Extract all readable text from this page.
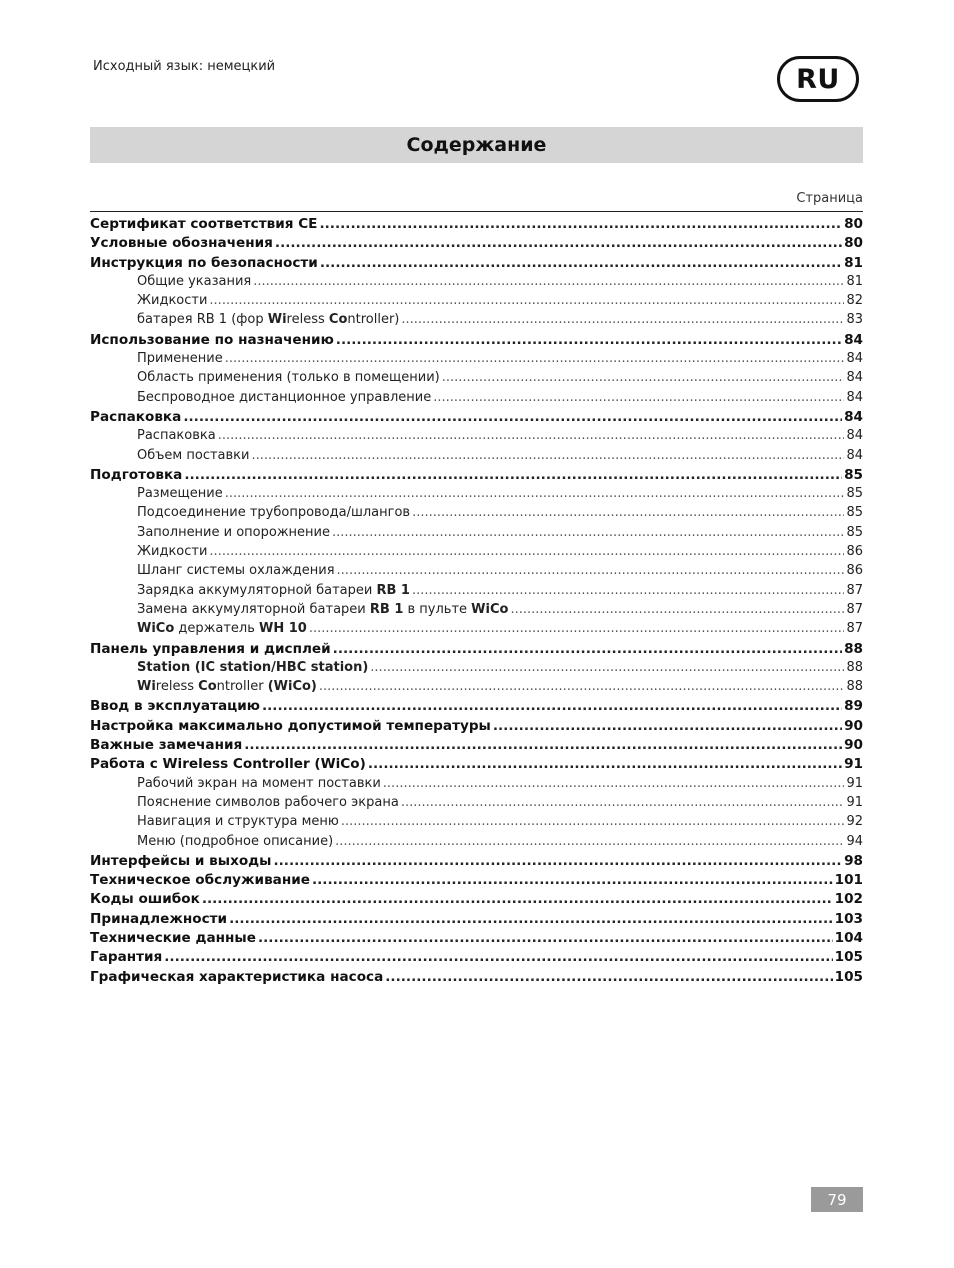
Исходный язык: немецкий	RU
Содержание
Страница
Сертификат соответствия CE .....	80
Условные обозначения .....	80
Инструкция по безопасности .....	81
Общие указания .....	81
Жидкости .....	82
батарея RB 1 (фор Wireless Controller) .....	83
Использование по назначению .....	84
Применение .....	84
Область применения (только в помещении) .....	84
Беспроводное дистанционное управление .....	84
Распаковка .....	84
Распаковка .....	84
Объем поставки .....	84
Подготовка .....	85
Размещение .....	85
Подсоединение трубопровода/шлангов .....	85
Заполнение и опорожнение .....	85
Жидкости .....	86
Шланг системы охлаждения .....	86
Зарядка аккумуляторной батареи RB 1 .....	87
Замена аккумуляторной батареи RB 1 в пульте WiCo .....	87
WiCo держатель WH 10 .....	87
Панель управления и дисплей .....	88
Station (IC station/HBC station) .....	88
Wireless Controller (WiCo) .....	88
Ввод в эксплуатацию .....	89
Настройка максимально допустимой температуры .....	90
Важные замечания .....	90
Работа с Wireless Controller (WiCo) .....	91
Рабочий экран на момент поставки .....	91
Пояснение символов рабочего экрана .....	91
Навигация и структура меню .....	92
Меню (подробное описание) .....	94
Интерфейсы и выходы .....	98
Техническое обслуживание .....	101
Коды ошибок .....	102
Принадлежности .....	103
Технические данные .....	104
Гарантия .....	105
Графическая характеристика насоса .....	105
79
